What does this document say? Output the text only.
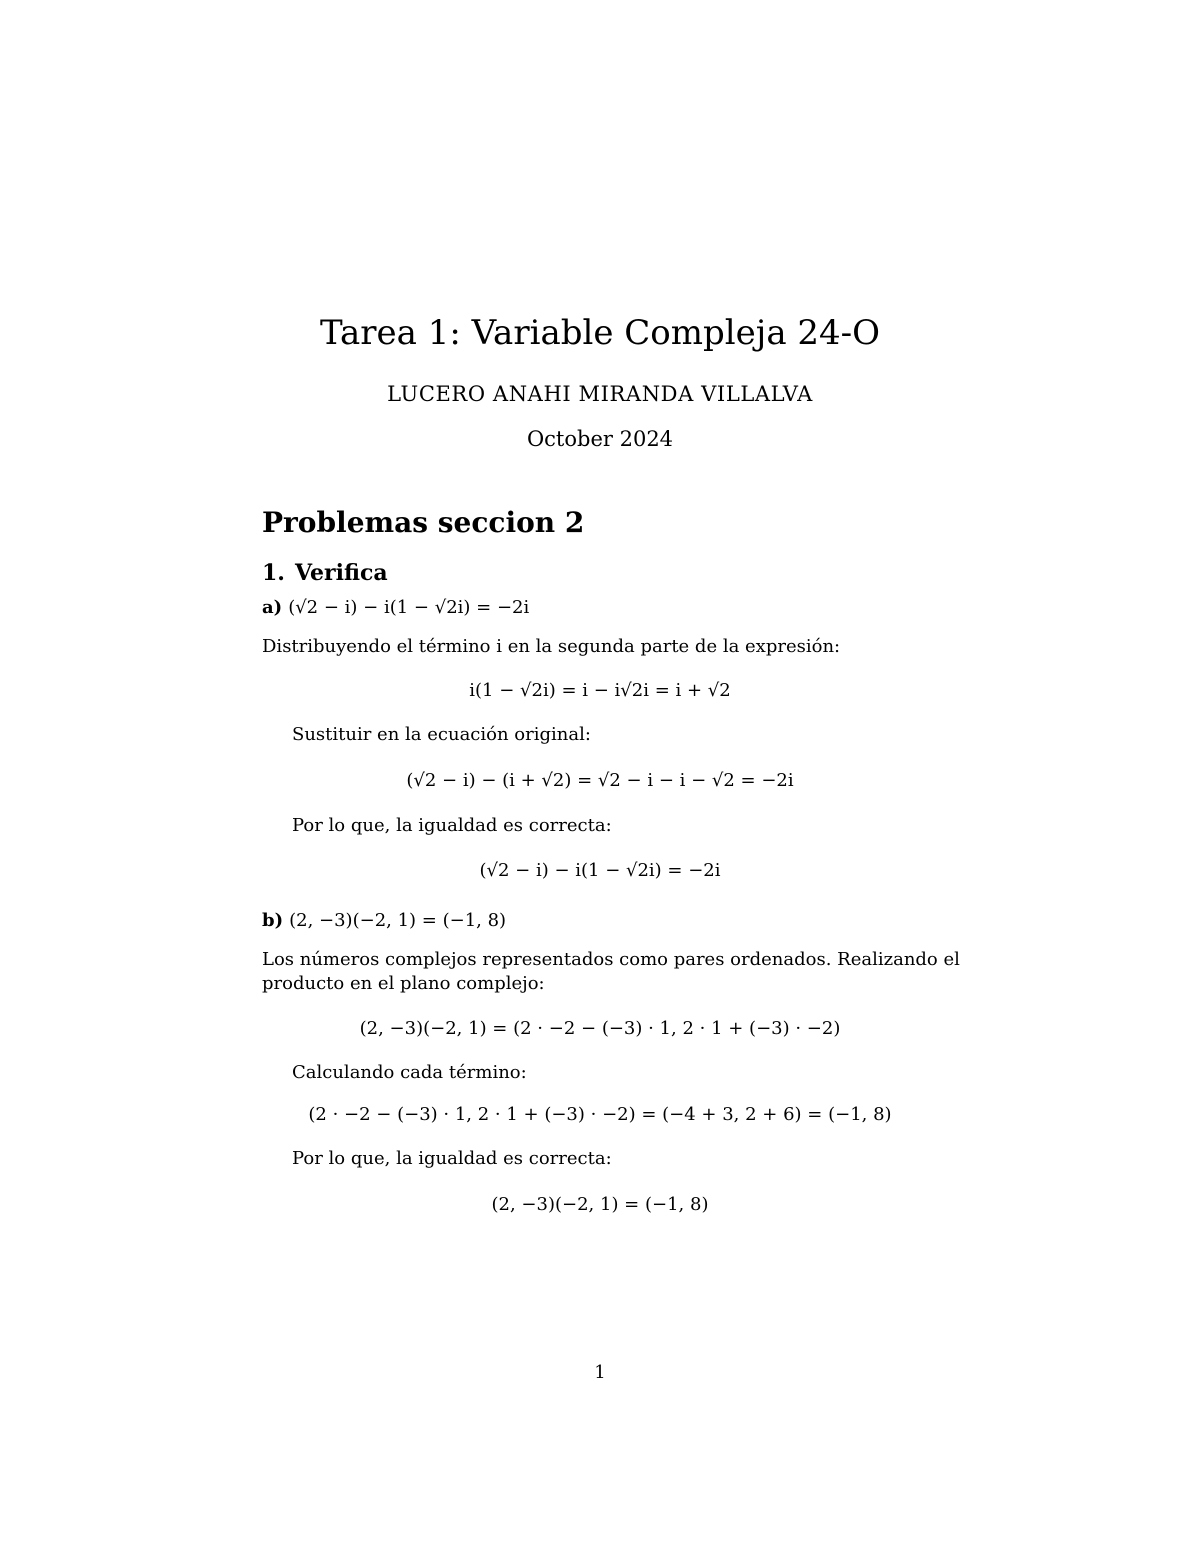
Tarea 1: Variable Compleja 24-O
LUCERO ANAHI MIRANDA VILLALVA
October 2024
Problemas seccion 2
1. Verifica
a) (√2 − i) − i(1 − √2i) = −2i
Distribuyendo el término i en la segunda parte de la expresión:
i(1 − √2i) = i − i√2i = i + √2
Sustituir en la ecuación original:
(√2 − i) − (i + √2) = √2 − i − i − √2 = −2i
Por lo que, la igualdad es correcta:
(√2 − i) − i(1 − √2i) = −2i
b) (2, −3)(−2, 1) = (−1, 8)
Los números complejos representados como pares ordenados. Realizando el
producto en el plano complejo:
(2, −3)(−2, 1) = (2 · −2 − (−3) · 1, 2 · 1 + (−3) · −2)
Calculando cada término:
(2 · −2 − (−3) · 1, 2 · 1 + (−3) · −2) = (−4 + 3, 2 + 6) = (−1, 8)
Por lo que, la igualdad es correcta:
(2, −3)(−2, 1) = (−1, 8)
1
